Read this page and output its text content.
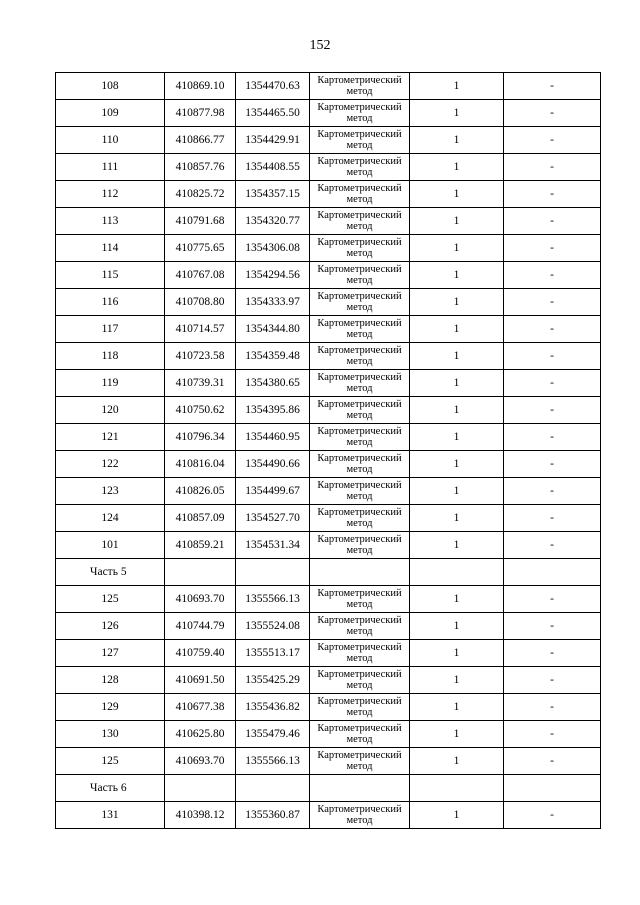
152
108	410869.10	1354470.63	Картометрический метод	1	-
109	410877.98	1354465.50	Картометрический метод	1	-
110	410866.77	1354429.91	Картометрический метод	1	-
111	410857.76	1354408.55	Картометрический метод	1	-
112	410825.72	1354357.15	Картометрический метод	1	-
113	410791.68	1354320.77	Картометрический метод	1	-
114	410775.65	1354306.08	Картометрический метод	1	-
115	410767.08	1354294.56	Картометрический метод	1	-
116	410708.80	1354333.97	Картометрический метод	1	-
117	410714.57	1354344.80	Картометрический метод	1	-
118	410723.58	1354359.48	Картометрический метод	1	-
119	410739.31	1354380.65	Картометрический метод	1	-
120	410750.62	1354395.86	Картометрический метод	1	-
121	410796.34	1354460.95	Картометрический метод	1	-
122	410816.04	1354490.66	Картометрический метод	1	-
123	410826.05	1354499.67	Картометрический метод	1	-
124	410857.09	1354527.70	Картометрический метод	1	-
101	410859.21	1354531.34	Картометрический метод	1	-
Часть 5					
125	410693.70	1355566.13	Картометрический метод	1	-
126	410744.79	1355524.08	Картометрический метод	1	-
127	410759.40	1355513.17	Картометрический метод	1	-
128	410691.50	1355425.29	Картометрический метод	1	-
129	410677.38	1355436.82	Картометрический метод	1	-
130	410625.80	1355479.46	Картометрический метод	1	-
125	410693.70	1355566.13	Картометрический метод	1	-
Часть 6					
131	410398.12	1355360.87	Картометрический метод	1	-
